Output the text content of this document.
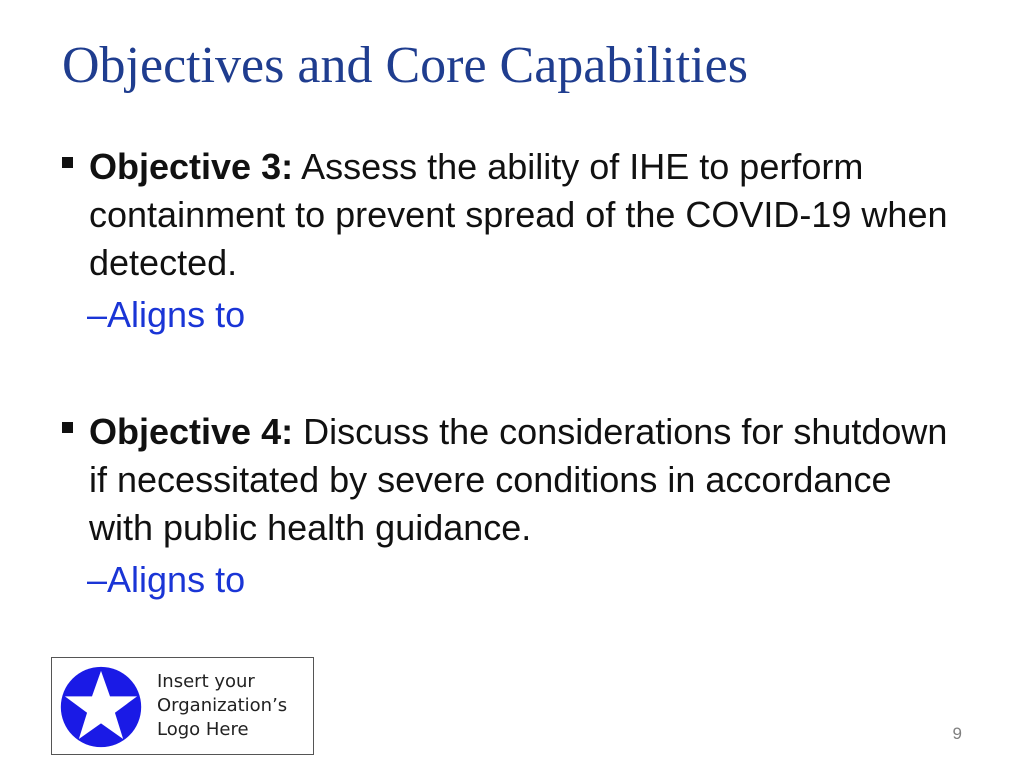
Objectives and Core Capabilities
Objective 3: Assess the ability of IHE to perform containment to prevent spread of the COVID-19 when detected.
–Aligns to
Objective 4: Discuss the considerations for shutdown if necessitated by severe conditions in accordance with public health guidance.
–Aligns to
Insert your
Organization’s
Logo Here	9
